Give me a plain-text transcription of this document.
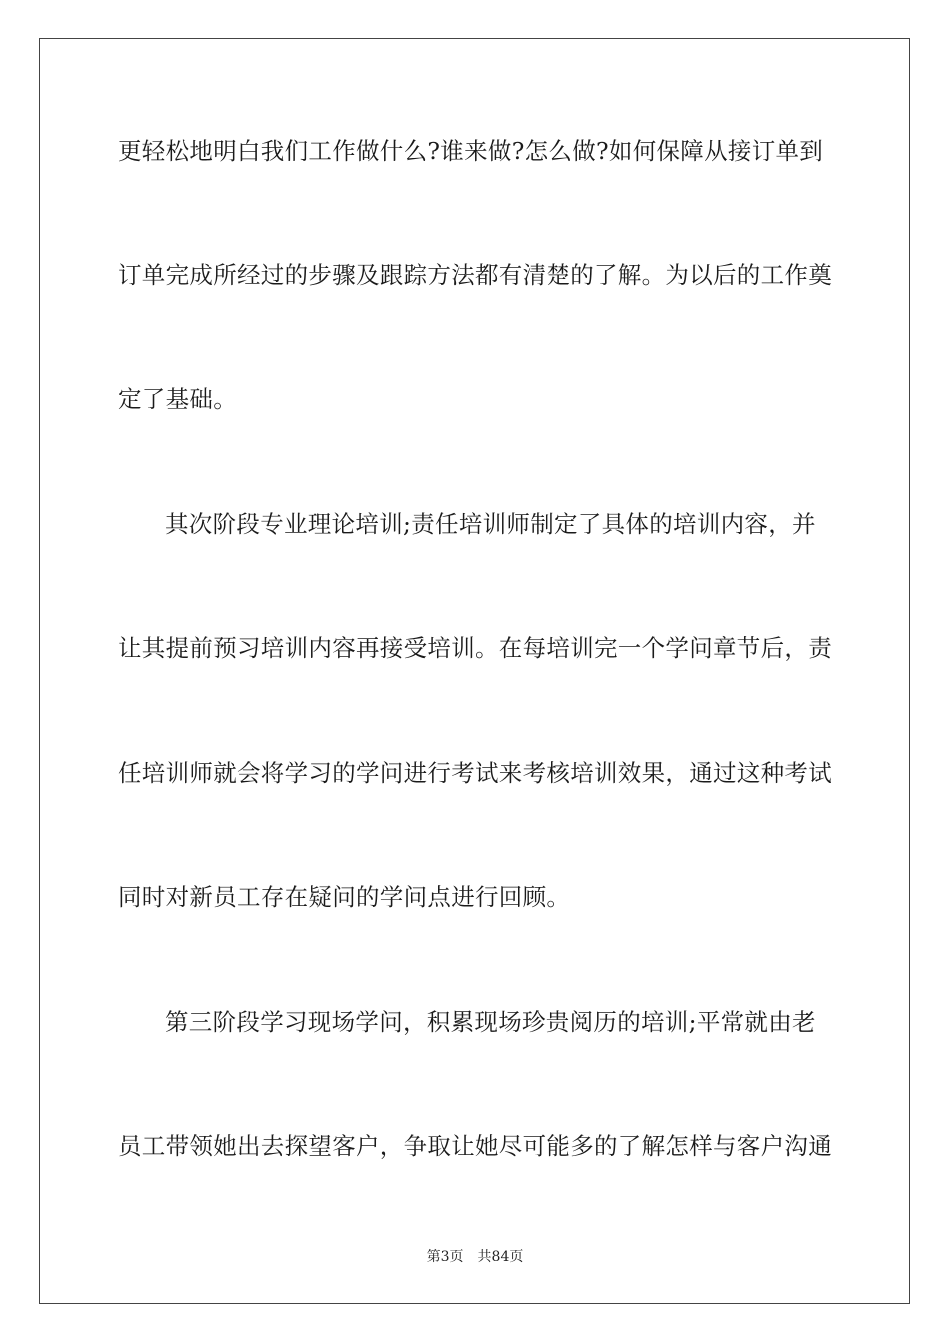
更轻松地明白我们工作做什么?谁来做?怎么做?如何保障从接订单到
订单完成所经过的步骤及跟踪方法都有清楚的了解。为以后的工作奠
定了基础。
其次阶段专业理论培训;责任培训师制定了具体的培训内容，并
让其提前预习培训内容再接受培训。在每培训完一个学问章节后，责
任培训师就会将学习的学问进行考试来考核培训效果，通过这种考试
同时对新员工存在疑问的学问点进行回顾。
第三阶段学习现场学问，积累现场珍贵阅历的培训;平常就由老
员工带领她出去探望客户，争取让她尽可能多的了解怎样与客户沟通
第3页 共84页
